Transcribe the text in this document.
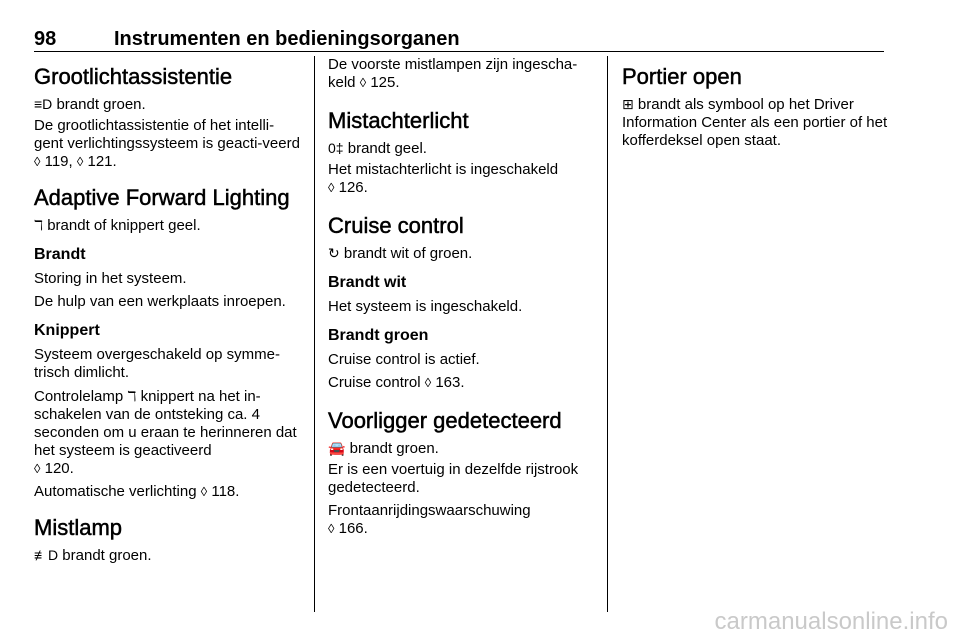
98	Instrumenten en bedieningsorganen
Grootlichtassistentie

≡D brandt groen.

De grootlichtassistentie of het intelli-gent verlichtingssysteem is geacti-veerd ◊ 119, ◊ 121.

Adaptive Forward Lighting

ℸ brandt of knippert geel.

Brandt

Storing in het systeem.

De hulp van een werkplaats inroepen.

Knippert

Systeem overgeschakeld op symme-trisch dimlicht.

Controlelamp ℸ knippert na het in-schakelen van de ontsteking ca. 4 seconden om u eraan te herinneren dat het systeem is geactiveerd
◊ 120.

Automatische verlichting ◊ 118.

Mistlamp

≢D brandt groen.

De voorste mistlampen zijn ingescha-keld ◊ 125.

Mistachterlicht

0‡ brandt geel.

Het mistachterlicht is ingeschakeld
◊ 126.

Cruise control

↻ brandt wit of groen.

Brandt wit

Het systeem is ingeschakeld.

Brandt groen

Cruise control is actief.

Cruise control ◊ 163.

Voorligger gedetecteerd

🚘 brandt groen.

Er is een voertuig in dezelfde rijstrook gedetecteerd.

Frontaanrijdingswaarschuwing
◊ 166.

Portier open

⊞ brandt als symbool op het Driver Information Center als een portier of het kofferdeksel open staat.

carmanualsonline.info
